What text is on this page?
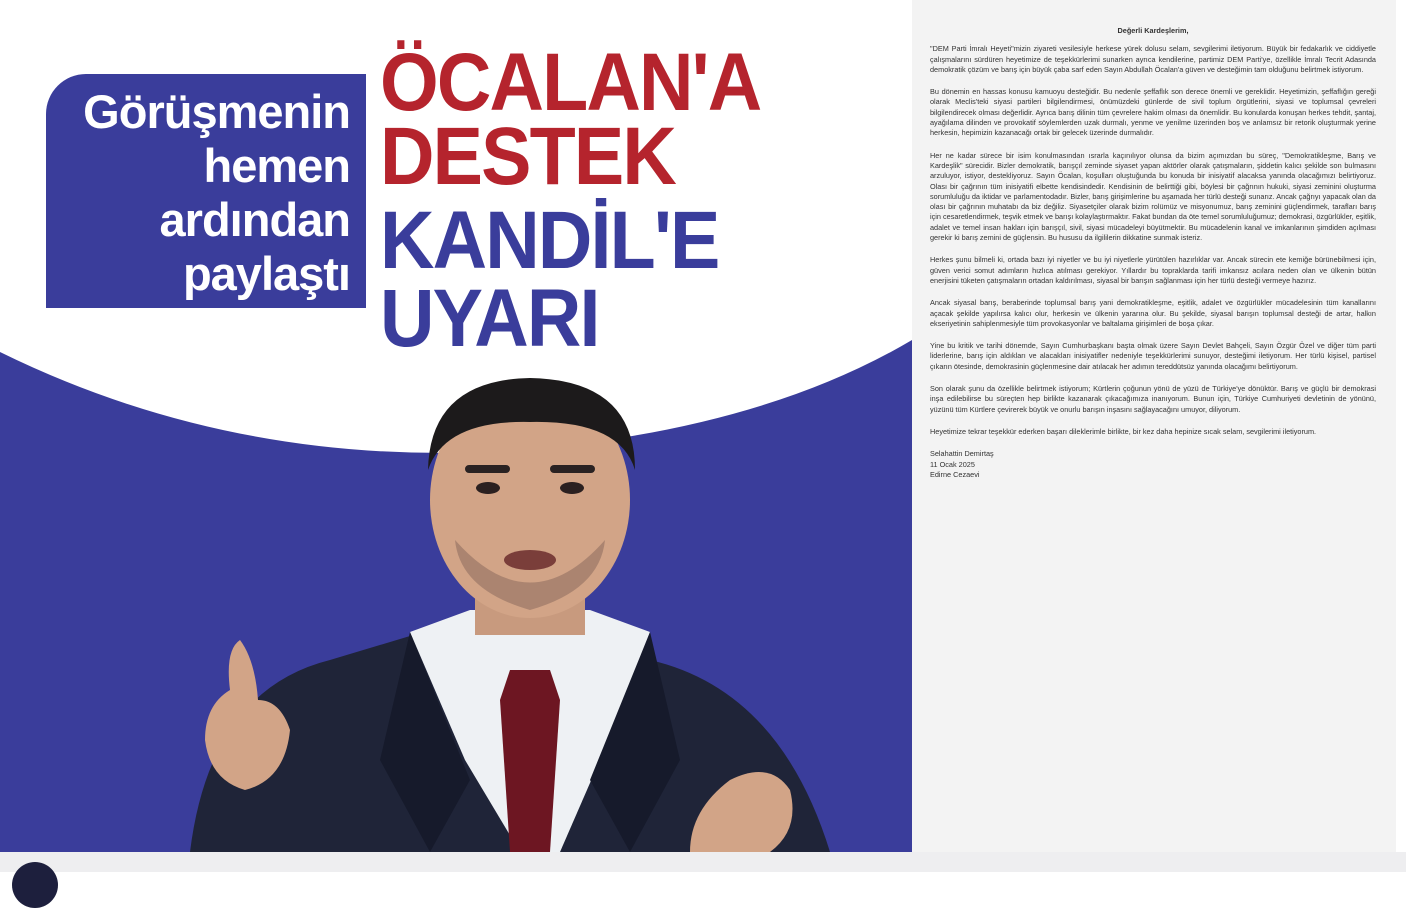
Görüşmenin
hemen
ardından
paylaştı
ÖCALAN'A
DESTEK
KANDİL'E
UYARI
Değerli Kardeşlerim,

"DEM Parti İmralı Heyeti"mizin ziyareti vesilesiyle herkese yürek dolusu selam, sevgilerimi iletiyorum. Büyük bir fedakarlık ve ciddiyetle çalışmalarını sürdüren heyetimize de teşekkürlerimi sunarken ayrıca kendilerine, partimiz DEM Parti'ye, özellikle İmralı Tecrit Adasında demokratik çözüm ve barış için büyük çaba sarf eden Sayın Abdullah Öcalan'a güven ve desteğimin tam olduğunu belirtmek istiyorum.

Bu dönemin en hassas konusu kamuoyu desteğidir. Bu nedenle şeffaflık son derece önemli ve gereklidir. Heyetimizin, şeffaflığın gereği olarak Meclis'teki siyasi partileri bilgilendirmesi, önümüzdeki günlerde de sivil toplum örgütlerini, siyasi ve toplumsal çevreleri bilgilendirecek olması değerlidir. Ayrıca barış dilinin tüm çevrelere hakim olması da önemlidir. Bu konularda konuşan herkes tehdit, şantaj, ayağılama dilinden ve provokatif söylemlerden uzak durmalı, yenme ve yenilme üzerinden boş ve anlamsız bir retorik oluşturmak yerine herkesin, hepimizin kazanacağı ortak bir gelecek üzerinde durmalıdır.

Her ne kadar sürece bir isim konulmasından ısrarla kaçınılıyor olunsa da bizim açımızdan bu süreç, "Demokratikleşme, Barış ve Kardeşlik" sürecidir. Bizler demokratik, barışçıl zeminde siyaset yapan aktörler olarak çatışmaların, şiddetin kalıcı şekilde son bulmasını arzuluyor, istiyor, destekliyoruz. Sayın Öcalan, koşulları oluştuğunda bu konuda bir inisiyatif alacaksa yanında olacağımızı belirtiyoruz. Olası bir çağrının tüm inisiyatifi elbette kendisindedir. Kendisinin de belirttiği gibi, böylesi bir çağrının hukuki, siyasi zeminini oluşturma sorumluluğu da iktidar ve parlamentodadır. Bizler, barış girişimlerine bu aşamada her türlü desteği sunarız. Ancak çağrıyı yapacak olan da olası bir çağrının muhatabı da biz değiliz. Siyasetçiler olarak bizim rolümüz ve misyonumuz, barış zeminini güçlendirmek, tarafları barış için cesaretlendirmek, teşvik etmek ve barışı kolaylaştırmaktır. Fakat bundan da öte temel sorumluluğumuz; demokrasi, özgürlükler, eşitlik, adalet ve temel insan hakları için barışçıl, sivil, siyasi mücadeleyi büyütmektir. Bu mücadelenin kanal ve imkanlarının şimdiden açılması gerekir ki barış zemini de güçlensin. Bu hususu da ilgililerin dikkatine sunmak isteriz.

Herkes şunu bilmeli ki, ortada bazı iyi niyetler ve bu iyi niyetlerle yürütülen hazırlıklar var. Ancak sürecin ete kemiğe bürünebilmesi için, güven verici somut adımların hızlıca atılması gerekiyor. Yıllardır bu topraklarda tarifi imkansız acılara neden olan ve ülkenin bütün enerjisini tüketen çatışmaların ortadan kaldırılması, siyasal bir barışın sağlanması için her türlü desteği vermeye hazırız.

Ancak siyasal barış, beraberinde toplumsal barış yani demokratikleşme, eşitlik, adalet ve özgürlükler mücadelesinin tüm kanallarını açacak şekilde yapılırsa kalıcı olur, herkesin ve ülkenin yararına olur. Bu şekilde, siyasal barışın toplumsal desteği de artar, halkın ekseriyetinin sahiplenmesiyle tüm provokasyonlar ve baltalama girişimleri de boşa çıkar.

Yine bu kritik ve tarihi dönemde, Sayın Cumhurbaşkanı başta olmak üzere Sayın Devlet Bahçeli, Sayın Özgür Özel ve diğer tüm parti liderlerine, barış için aldıkları ve alacakları inisiyatifler nedeniyle teşekkürlerimi sunuyor, desteğimi iletiyorum. Her türlü kişisel, partisel çıkarın ötesinde, demokrasinin güçlenmesine dair atılacak her adımın tereddütsüz yanında olacağımı belirtiyorum.

Son olarak şunu da özellikle belirtmek istiyorum; Kürtlerin çoğunun yönü de yüzü de Türkiye'ye dönüktür. Barış ve güçlü bir demokrasi inşa edilebilirse bu süreçten hep birlikte kazanarak çıkacağımıza inanıyorum. Bunun için, Türkiye Cumhuriyeti devletinin de yönünü, yüzünü tüm Kürtlere çevirerek büyük ve onurlu barışın inşasını sağlayacağını umuyor, diliyorum.

Heyetimize tekrar teşekkür ederken başarı dileklerimle birlikte, bir kez daha hepinize sıcak selam, sevgilerimi iletiyorum.

Selahattin Demirtaş
11 Ocak 2025
Edirne Cezaevi
